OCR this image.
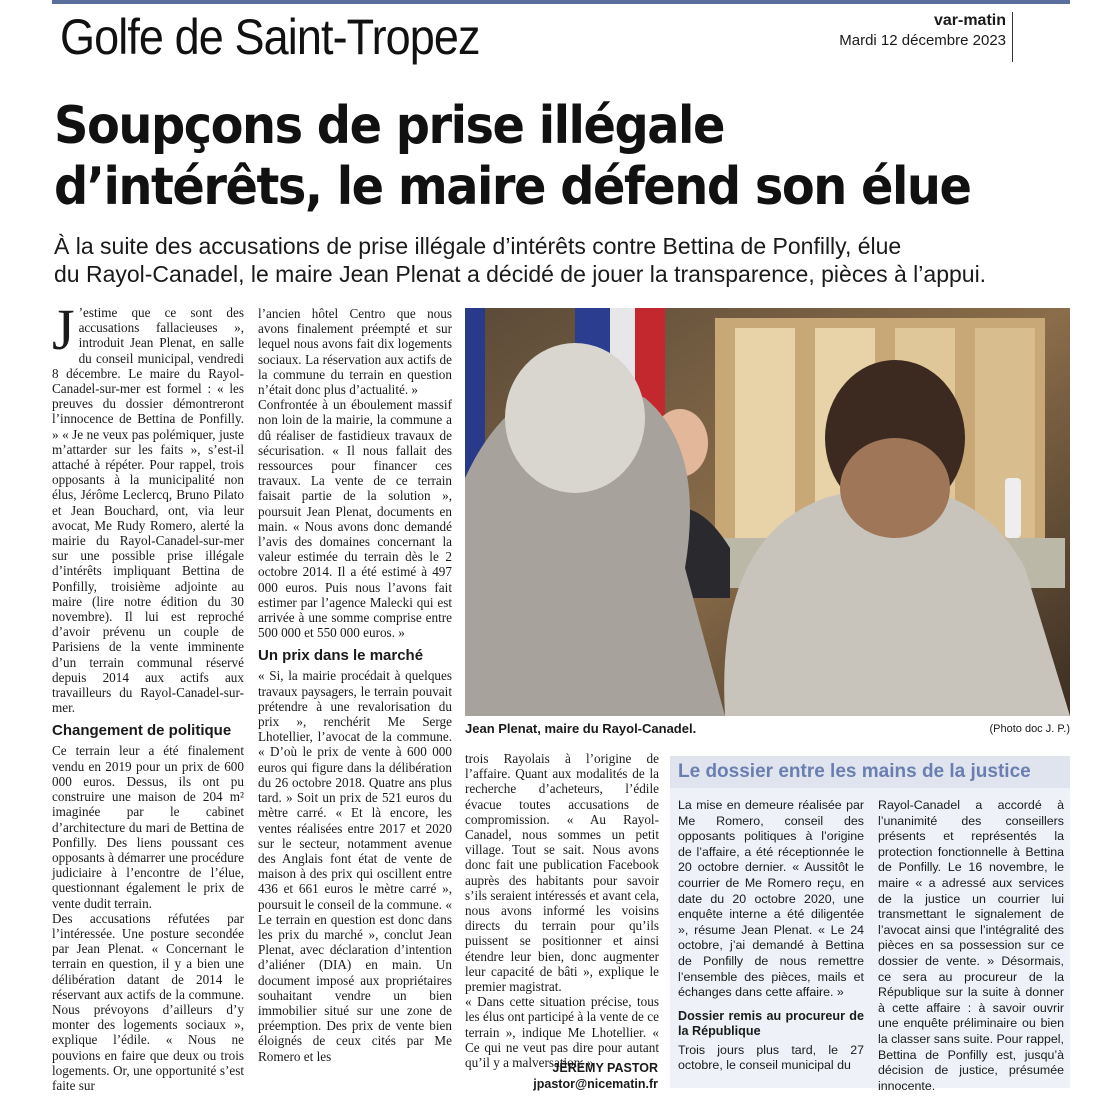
Golfe de Saint-Tropez	var-matin
Mardi 12 décembre 2023
Soupçons de prise illégale
d’intérêts, le maire défend son élue
À la suite des accusations de prise illégale d’intérêts contre Bettina de Ponfilly, élue
du Rayol-Canadel, le maire Jean Plenat a décidé de jouer la transparence, pièces à l’appui.

J ’estime que ce sont des accusations fallacieuses », introduit Jean Plenat, en salle du conseil municipal, vendredi 8 décembre. Le maire du Rayol-Canadel-sur-mer est formel : « les preuves du dossier démontreront l’innocence de Bettina de Ponfilly. » « Je ne veux pas polémiquer, juste m’attarder sur les faits », s’est-il attaché à répéter. Pour rappel, trois opposants à la municipalité non élus, Jérôme Leclercq, Bruno Pilato et Jean Bouchard, ont, via leur avocat, Me Rudy Romero, alerté la mairie du Rayol-Canadel-sur-mer sur une possible prise illégale d’intérêts impliquant Bettina de Ponfilly, troisième adjointe au maire (lire notre édition du 30 novembre). Il lui est reproché d’avoir prévenu un couple de Parisiens de la vente imminente d’un terrain communal réservé depuis 2014 aux actifs aux travailleurs du Rayol-Canadel-sur-mer.

Changement de politique

Ce terrain leur a été finalement vendu en 2019 pour un prix de 600 000 euros. Dessus, ils ont pu construire une maison de 204 m² imaginée par le cabinet d’architecture du mari de Bettina de Ponfilly. Des liens poussant ces opposants à démarrer une procédure judiciaire à l’encontre de l’élue, questionnant également le prix de vente dudit terrain.

Des accusations réfutées par l’intéressée. Une posture secondée par Jean Plenat. « Concernant le terrain en question, il y a bien une délibération datant de 2014 le réservant aux actifs de la commune. Nous prévoyons d’ailleurs d’y monter des logements sociaux », explique l’édile. « Nous ne pouvions en faire que deux ou trois logements. Or, une opportunité s’est faite sur

l’ancien hôtel Centro que nous avons finalement préempté et sur lequel nous avons fait dix logements sociaux. La réservation aux actifs de la commune du terrain en question n’était donc plus d’actualité. »

Confrontée à un éboulement massif non loin de la mairie, la commune a dû réaliser de fastidieux travaux de sécurisation. « Il nous fallait des ressources pour financer ces travaux. La vente de ce terrain faisait partie de la solution », poursuit Jean Plenat, documents en main. « Nous avons donc demandé l’avis des domaines concernant la valeur estimée du terrain dès le 2 octobre 2014. Il a été estimé à 497 000 euros. Puis nous l’avons fait estimer par l’agence Malecki qui est arrivée à une somme comprise entre 500 000 et 550 000 euros. »

Un prix dans le marché

« Si, la mairie procédait à quelques travaux paysagers, le terrain pouvait prétendre à une revalorisation du prix », renchérit Me Serge Lhotellier, l’avocat de la commune. « D’où le prix de vente à 600 000 euros qui figure dans la délibération du 26 octobre 2018. Quatre ans plus tard. » Soit un prix de 521 euros du mètre carré. « Et là encore, les ventes réalisées entre 2017 et 2020 sur le secteur, notamment avenue des Anglais font état de vente de maison à des prix qui oscillent entre 436 et 661 euros le mètre carré », poursuit le conseil de la commune. « Le terrain en question est donc dans les prix du marché », conclut Jean Plenat, avec déclaration d’intention d’aliéner (DIA) en main. Un document imposé aux propriétaires souhaitant vendre un bien immobilier situé sur une zone de préemption. Des prix de vente bien éloignés de ceux cités par Me Romero et les

Jean Plenat, maire du Rayol-Canadel.	(Photo doc J. P.)

trois Rayolais à l’origine de l’affaire. Quant aux modalités de la recherche d’acheteurs, l’édile évacue toutes accusations de compromission. « Au Rayol-Canadel, nous sommes un petit village. Tout se sait. Nous avons donc fait une publication Facebook auprès des habitants pour savoir s’ils seraient intéressés et avant cela, nous avons informé les voisins directs du terrain pour qu’ils puissent se positionner et ainsi étendre leur bien, donc augmenter leur capacité de bâti », explique le premier magistrat.

« Dans cette situation précise, tous les élus ont participé à la vente de ce terrain », indique Me Lhotellier. « Ce qui ne veut pas dire pour autant qu’il y a malversation. »

JÉRÉMY PASTOR
jpastor@nicematin.fr
Le dossier entre les mains de la justice

La mise en demeure réalisée par Me Romero, conseil des opposants politiques à l’origine de l’affaire, a été réceptionnée le 20 octobre dernier. « Aussitôt le courrier de Me Romero reçu, en date du 20 octobre 2020, une enquête interne a été diligentée », résume Jean Plenat. « Le 24 octobre, j’ai demandé à Bettina de Ponfilly de nous remettre l’ensemble des pièces, mails et échanges dans cette affaire. »

Dossier remis au procureur de la République

Trois jours plus tard, le 27 octobre, le conseil municipal du

Rayol-Canadel a accordé à l’unanimité des conseillers présents et représentés la protection fonctionnelle à Bettina de Ponfilly. Le 16 novembre, le maire « a adressé aux services de la justice un courrier lui transmettant le signalement de l’avocat ainsi que l’intégralité des pièces en sa possession sur ce dossier de vente. » Désormais, ce sera au procureur de la République sur la suite à donner à cette affaire : à savoir ouvrir une enquête préliminaire ou bien la classer sans suite. Pour rappel, Bettina de Ponfilly est, jusqu’à décision de justice, présumée innocente.
